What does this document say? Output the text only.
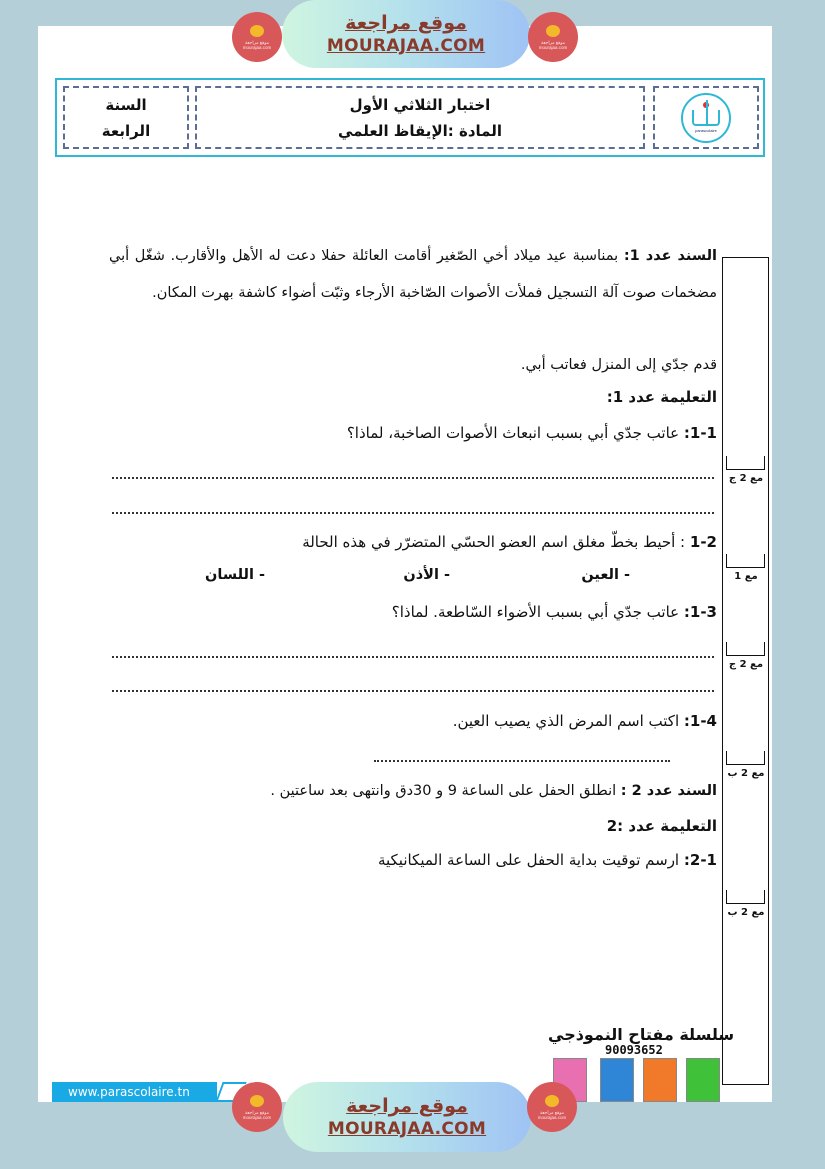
موقع مراجعة mourajaa.com
موقع مراجعة
MOURAJAA.COM	موقع مراجعة mourajaa.com
السنة
الرابعة
اختبار الثلاثي الأول
المادة :الإيقاظ العلمي	parascolaire
السند عدد 1: بمناسبة عيد ميلاد أخي الصّغير أقامت العائلة حفلا دعت له الأهل والأقارب. شغّل أبي مضخمات صوت آلة التسجيل فملأت الأصوات الصّاخبة الأرجاء وثبّت أضواء كاشفة بهرت المكان.
قدم جدّي إلى المنزل فعاتب أبي.
التعليمة عدد 1:
1-1: عاتب جدّي أبي بسبب انبعاث الأصوات الصاخبة، لماذا؟
1-2 : أحيط بخطّ مغلق اسم العضو الحسّي المتضرّر في هذه الحالة
- العين
- الأذن
- اللسان
1-3: عاتب جدّي أبي بسبب الأضواء السّاطعة. لماذا؟
1-4: اكتب اسم المرض الذي يصيب العين.
السند عدد 2 : انطلق الحفل على الساعة 9 و 30دق وانتهى بعد ساعتين .
التعليمة عدد :2
2-1: ارسم توقيت بداية الحفل على الساعة الميكانيكية
مع 2 ج
مع 1
مع 2 ج
مع 2 ب
مع 2 ب
سلسلة مفتاح النموذجي
90093652
www.parascolaire.tn
موقع مراجعة mourajaa.com	موقع مراجعة
MOURAJAA.COM
موقع مراجعة mourajaa.com
